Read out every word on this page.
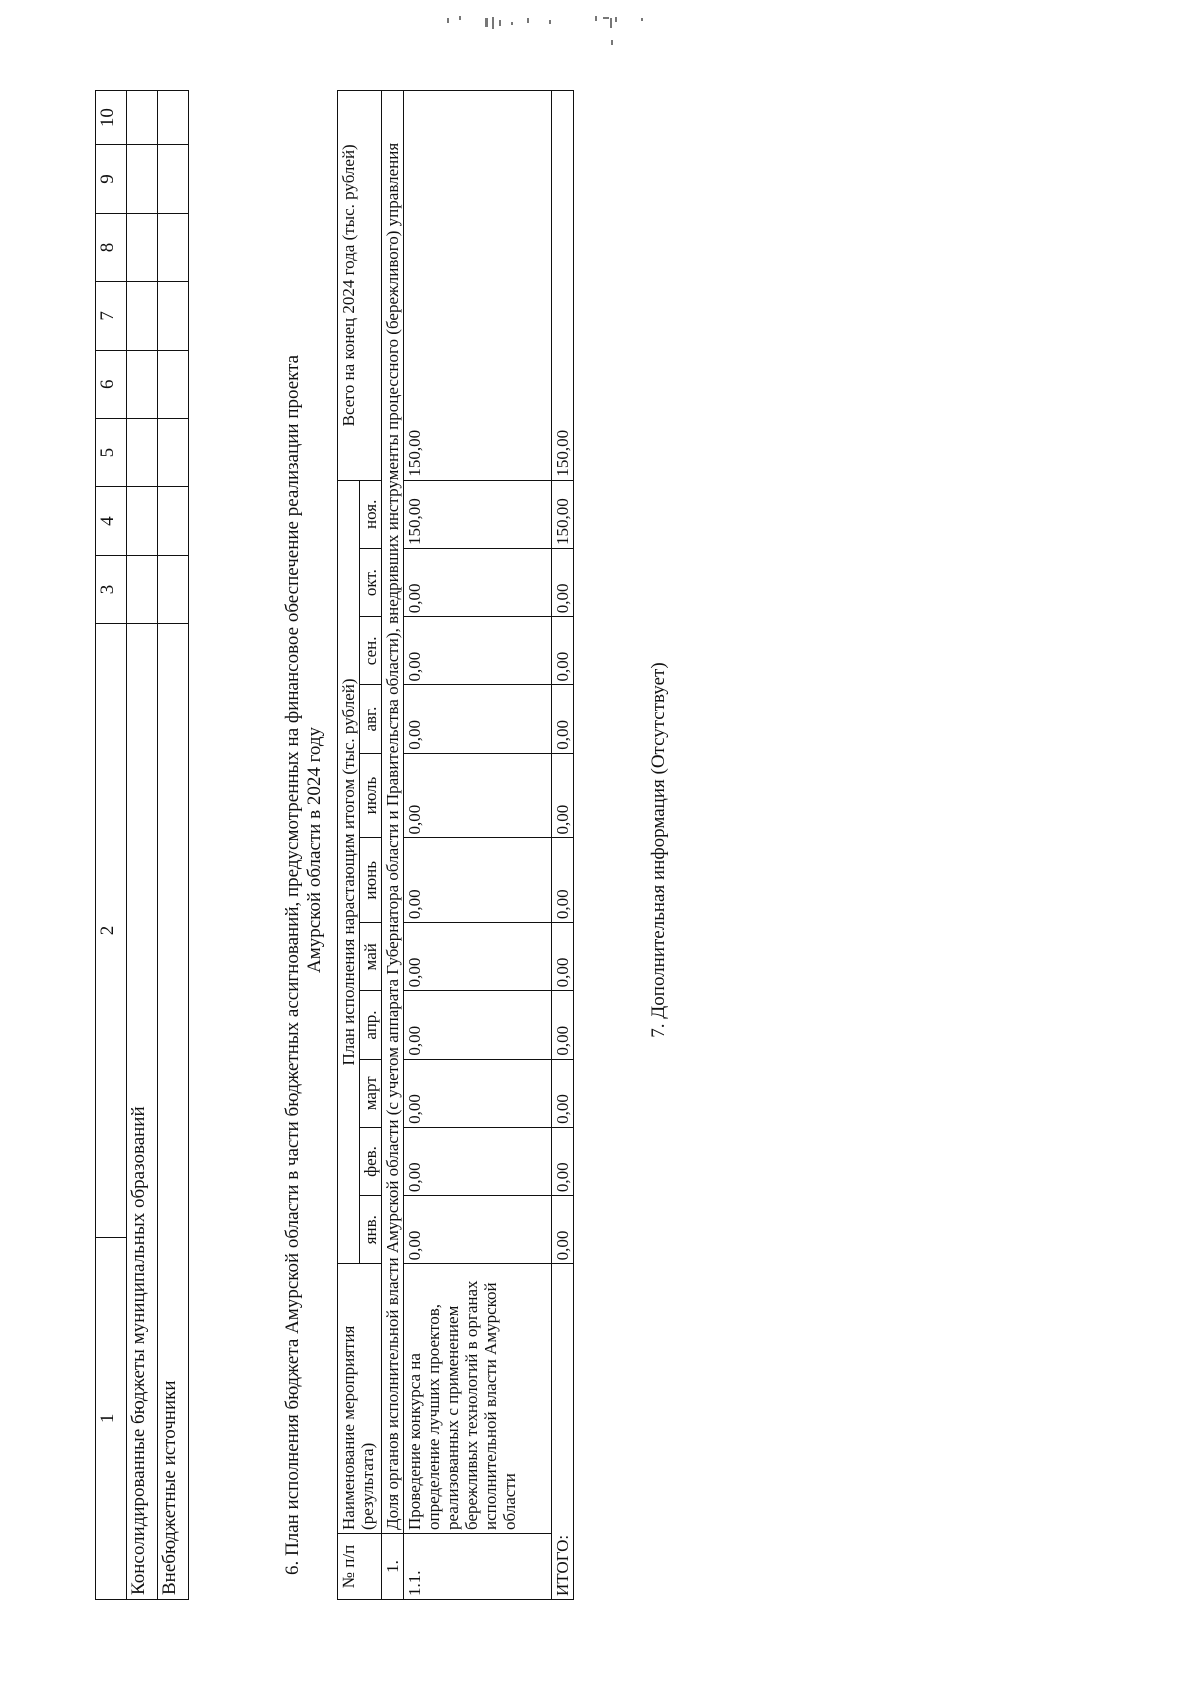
1	2	3	4	5	6	7	8	9	10
Консолидированные бюджеты муниципальных образований									
Внебюджетные источники										6. План исполнения бюджета Амурской области в части бюджетных ассигнований, предусмотренных на финансовое обеспечение реализации проекта Амурской области в 2024 году
№ п/п	Наименование мероприятия (результата)	План исполнения нарастающим итогом (тыс. рублей)											Всего на конец 2024 года (тыс. рублей)
		янв.	фев.	март	апр.	май	июнь	июль	авг.	сен.	окт.	ноя.	
1.	Доля органов исполнительной власти Амурской области (с учетом аппарата Губернатора области и Правительства области), внедривших инструменты процессного (бережливого) управления												
1.1.	Проведение конкурса на определение лучших проектов, реализованных с применением бережливых технологий в органах исполнительной власти Амурской области	0,00	0,00	0,00	0,00	0,00	0,00	0,00	0,00	0,00	0,00	150,00	150,00
ИТОГО:		0,00	0,00	0,00	0,00	0,00	0,00	0,00	0,00	0,00	0,00	150,00	150,00
7. Дополнительная информация (Отсутствует)
